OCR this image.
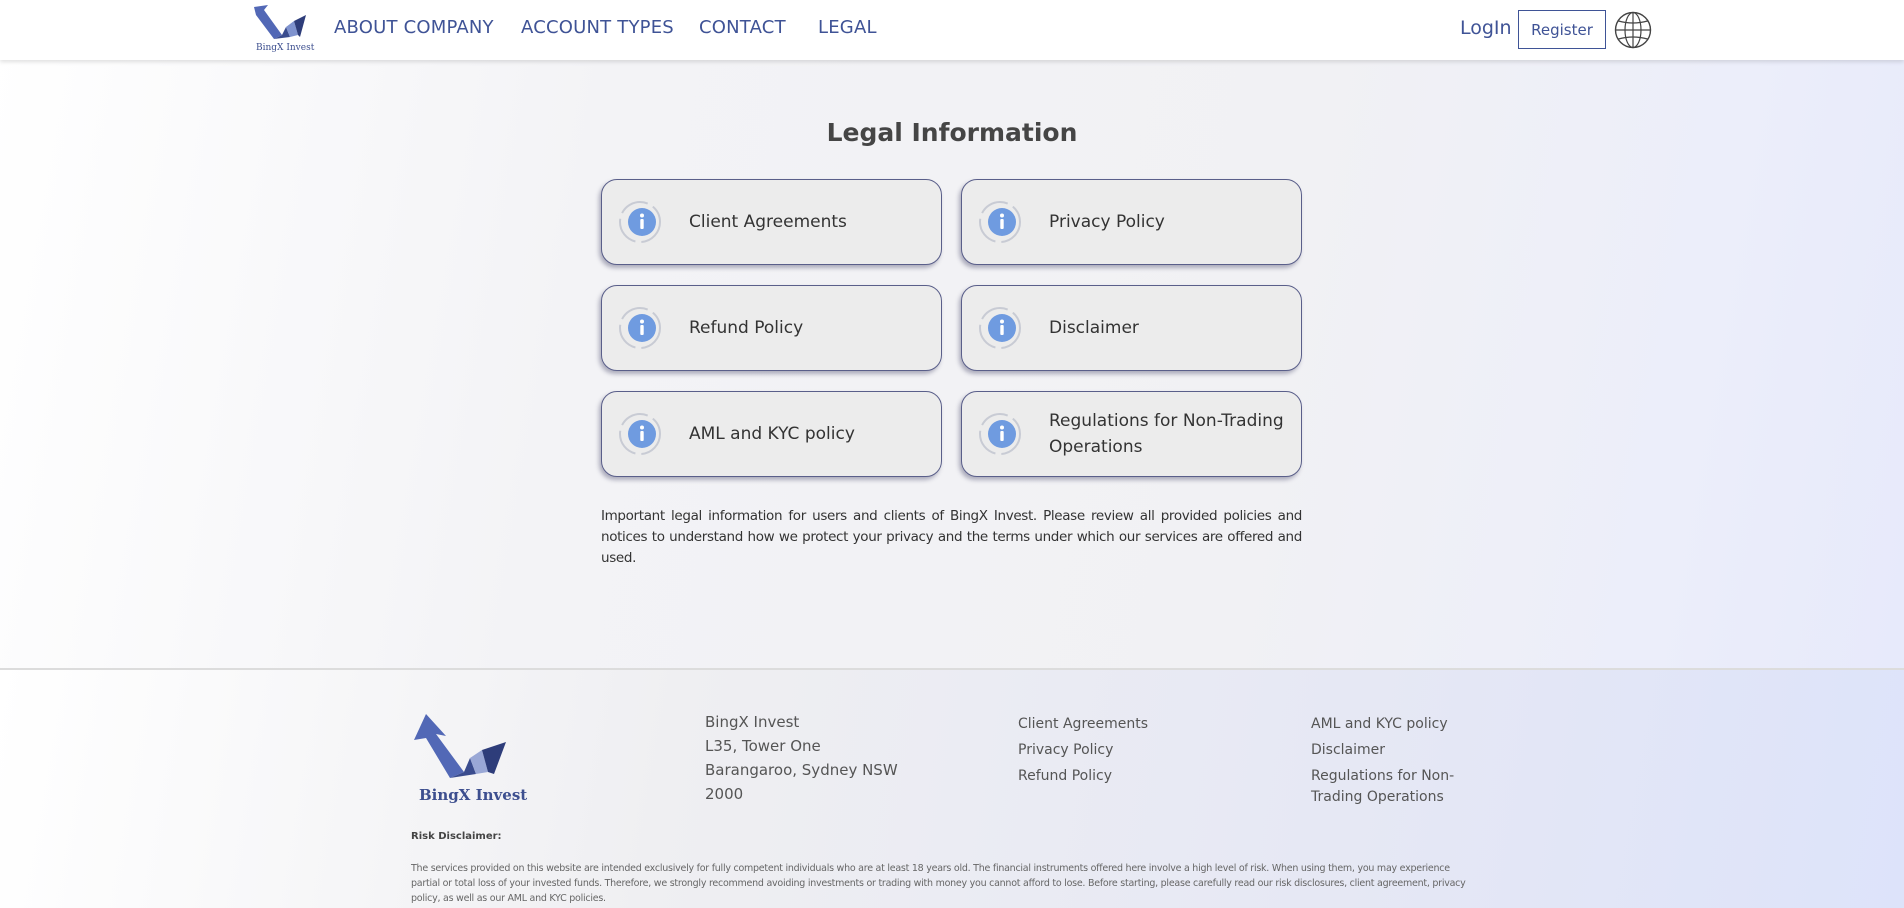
BingX Invest
ABOUT COMPANY ACCOUNT TYPES CONTACT LEGAL	LogIn	Register
Legal Information
Client Agreements	Privacy Policy
Refund Policy	Disclaimer
AML and KYC policy
Regulations for Non-Trading Operations

Important legal information for users and clients of BingX Invest. Please review all provided policies and notices to understand how we protect your privacy and the terms under which our services are offered and used.

BingX Invest
BingX Invest
L35, Tower One
Barangaroo, Sydney NSW
2000
Client Agreements
Privacy Policy
Refund Policy
AML and KYC policy
Disclaimer
Regulations for Non-Trading Operations
Risk Disclaimer:

The services provided on this website are intended exclusively for fully competent individuals who are at least 18 years old. The financial instruments offered here involve a high level of risk. When using them, you may experience partial or total loss of your invested funds. Therefore, we strongly recommend avoiding investments or trading with money you cannot afford to lose. Before starting, please carefully read our risk disclosures, client agreement, privacy policy, as well as our AML and KYC policies.
